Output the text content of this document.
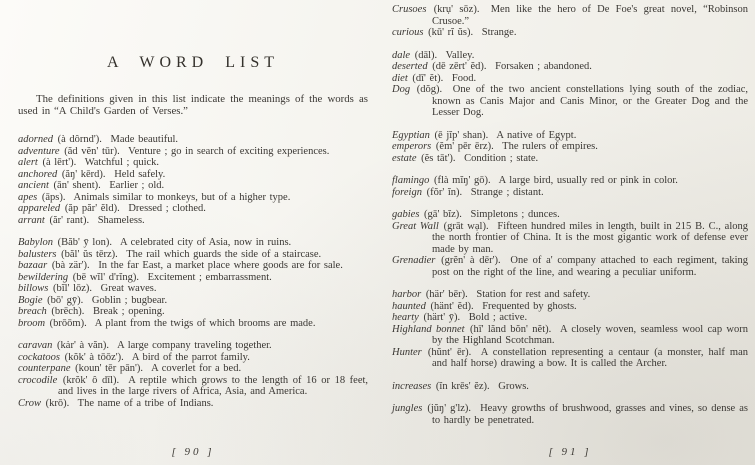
A WORD LIST

The definitions given in this list indicate the meanings of the words as used in “A Child's Garden of Verses.”

adorned (à dôrnd'). Made beautiful.

adventure (ăd vĕn' tūr). Venture ; go in search of exciting experiences.

alert (à lērt'). Watchful ; quick.

anchored (ăŋ' kērd). Held safely.

ancient (ān' shent). Earlier ; old.

apes (āps). Animals similar to monkeys, but of a higher type.

appareled (ăp păr' ĕld). Dressed ; clothed.

arrant (ăr' rant). Shameless.

Babylon (Băb' ȳ lon). A celebrated city of Asia, now in ruins.

balusters (băl' ŭs tērz). The rail which guards the side of a staircase.

bazaar (bà zär'). In the far East, a market place where goods are for sale.

bewildering (bē wĭl' d'rĭng). Excitement ; embarrassment.

billows (bĭl' lōz). Great waves.

Bogie (bō' gȳ). Goblin ; bugbear.

breach (brēch). Break ; opening.

broom (brōōm). A plant from the twigs of which brooms are made.

caravan (kȧr' à văn). A large company traveling together.

cockatoos (kŏk' à tōōz'). A bird of the parrot family.

counterpane (koun' tēr pān'). A coverlet for a bed.

crocodile (krŏk' ô dīl). A reptile which grows to the length of 16 or 18 feet, and lives in the large rivers of Africa, Asia, and America.

Crow (krō). The name of a tribe of Indians.

[ 90 ]

Crusoes (krụ' sōz). Men like the hero of De Foe's great novel, “Robinson Crusoe.”

curious (kū' rĭ ŭs). Strange.

dale (dāl). Valley.

deserted (dē zērt' ĕd). Forsaken ; abandoned.

diet (dī' ĕt). Food.

Dog (dŏg). One of the two ancient constellations lying south of the zodiac, known as Canis Major and Canis Minor, or the Greater Dog and the Lesser Dog.

Egyptian (ē jĭp' shan). A native of Egypt.

emperors (ĕm' pēr ērz). The rulers of empires.

estate (ĕs tāt'). Condition ; state.

flamingo (flà mĭŋ' gō). A large bird, usually red or pink in color.

foreign (fŏr' ĭn). Strange ; distant.

gabies (gā' bĭz). Simpletons ; dunces.

Great Wall (grāt wạl). Fifteen hundred miles in length, built in 215 B. C., along the north frontier of China. It is the most gigantic work of defense ever made by man.

Grenadier (grĕn' à dēr'). One of a' company attached to each regiment, taking post on the right of the line, and wearing a peculiar uniform.

harbor (här' bēr). Station for rest and safety.

haunted (hänt' ĕd). Frequented by ghosts.

hearty (härt' ȳ). Bold ; active.

Highland bonnet (hī' lănd bŏn' nĕt). A closely woven, seamless wool cap worn by the Highland Scotchman.

Hunter (hŭnt' ēr). A constellation representing a centaur (a monster, half man and half horse) drawing a bow. It is called the Archer.

increases (ĭn krēs' ĕz). Grows.

jungles (jŭŋ' g'lz). Heavy growths of brushwood, grasses and vines, so dense as to hardly be penetrated.

[ 91 ]
